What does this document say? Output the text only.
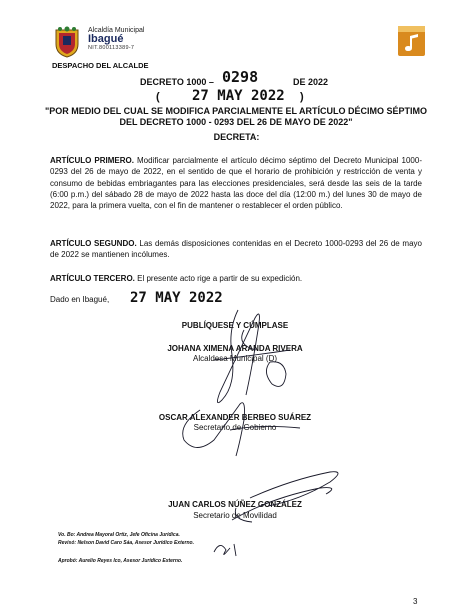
Alcaldía Municipal
Ibagué
NIT.800113389-7
DESPACHO DEL ALCALDE
DECRETO 1000 – 0298	DE 2022
( 27 MAY 2022 )
"POR MEDIO DEL CUAL SE MODIFICA PARCIALMENTE EL ARTÍCULO DÉCIMO SÉPTIMO DEL DECRETO 1000 - 0293 DEL 26 DE MAYO DE 2022"
DECRETA:
ARTÍCULO PRIMERO. Modificar parcialmente el artículo décimo séptimo del Decreto Municipal 1000-0293 del 26 de mayo de 2022, en el sentido de que el horario de prohibición y restricción de venta y consumo de bebidas embriagantes para las elecciones presidenciales, será desde las seis de la tarde (6:00 p.m.) del sábado 28 de mayo de 2022 hasta las doce del día (12:00 m.) del lunes 30 de mayo de 2022, para la primera vuelta, con el fin de mantener o restablecer el orden público.
ARTÍCULO SEGUNDO. Las demás disposiciones contenidas en el Decreto 1000-0293 del 26 de mayo de 2022 se mantienen incólumes.
ARTÍCULO TERCERO. El presente acto rige a partir de su expedición.
Dado en Ibagué, 27 MAY 2022
PUBLÍQUESE Y CÚMPLASE
JOHANA XIMENA ARANDA RIVERA
Alcaldesa Municipal (D)
OSCAR ALEXANDER BERBEO SUÁREZ
Secretario de Gobierno
JUAN CARLOS NÚÑEZ GONZÁLEZ
Secretario de Movilidad
Vo. Bo: Andrea Mayoral Ortiz, Jefe Oficina Jurídica.
Revisó: Nelson David Caro Sáa, Asesor Jurídico Externo.
Aprobó: Aurelio Reyes Ico, Asesor Jurídico Externo.
3
